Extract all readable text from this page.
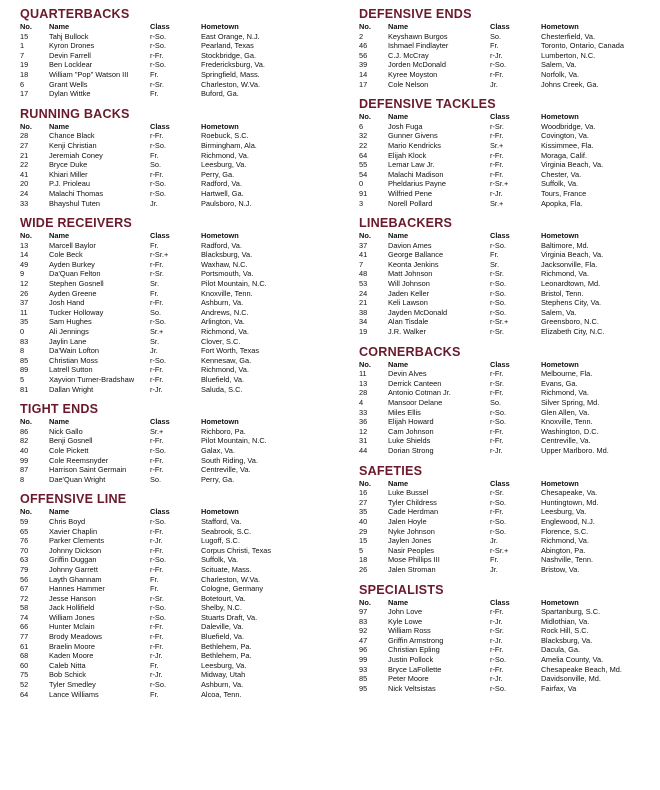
QUARTERBACKS
No. Name	Class	Hometown
15	Tahj Bullock	r-So.	East Orange, N.J.
1	Kyron Drones	r-So.	Pearland, Texas
7	Devin Farrell	r-Fr.	Stockbridge, Ga.
19	Ben Locklear	r-So.	Fredericksburg, Va.
18	William "Pop" Watson III	Fr.	Springfield, Mass.
6	Grant Wells	r-Sr.	Charleston, W.Va.
17	Dylan Wittke	Fr.	Buford, Ga.
RUNNING BACKS
No. Name	Class	Hometown
28	Chance Black	r-Fr.	Roebuck, S.C.
27	Kenji Christian	r-So.	Birmingham, Ala.
21	Jeremiah Coney	Fr.	Richmond, Va.
22	Bryce Duke	So.	Leesburg, Va.
41	Khiari Miller	r-Fr.	Perry, Ga.
20	P.J. Prioleau	r-So.	Radford, Va.
24	Malachi Thomas	r-So.	Hartwell, Ga.
33	Bhayshul Tuten	Jr.	Paulsboro, N.J.
WIDE RECEIVERS
No. Name	Class	Hometown
13	Marcell Baylor	Fr.	Radford, Va.
14	Cole Beck	r-Sr.+	Blacksburg, Va.
49	Ayden Burkey	r-Fr.	Waxhaw, N.C.
9	Da'Quan Felton	r-Sr.	Portsmouth, Va.
12	Stephen Gosnell	Sr.	Pilot Mountain, N.C.
26	Ayden Greene	Fr.	Knoxville, Tenn.
37	Josh Hand	r-Fr.	Ashburn, Va.
11	Tucker Holloway	So.	Andrews, N.C.
35	Sam Hughes	r-So.	Arlington, Va.
0	Ali Jennings	Sr.+	Richmond, Va.
83	Jaylin Lane	Sr.	Clover, S.C.
8	Da'Wain Lofton	Jr.	Fort Worth, Texas
85	Christian Moss	r-So.	Kennesaw, Ga.
89	Latrell Sutton	r-Fr.	Richmond, Va.
5	Xayvion Turner-Bradshaw r-Fr.	Bluefield, Va.
81	Dallan Wright	r-Jr.	Saluda, S.C.
TIGHT ENDS
No. Name	Class	Hometown
86	Nick Gallo	Sr.+	Richboro, Pa.
82	Benji Gosnell	r-Fr.	Pilot Mountain, N.C.
40	Cole Pickett	r-So.	Galax, Va.
99	Cole Reemsnyder	r-Fr.	South Riding, Va.
87	Harrison Saint Germain	r-Fr.	Centreville, Va.
8	Dae'Quan Wright	So.	Perry, Ga.
OFFENSIVE LINE
No. Name	Class	Hometown
59	Chris Boyd	r-So.	Stafford, Va.
65	Xavier Chaplin	r-Fr.	Seabrook, S.C.
76	Parker Clements	r-Jr.	Lugoff, S.C.
70	Johnny Dickson	r-Fr.	Corpus Christi, Texas
63	Griffin Duggan	r-So.	Suffolk, Va.
79	Johnny Garrett	r-Fr.	Scituate, Mass.
56	Layth Ghannam	Fr.	Charleston, W.Va.
67	Hannes Hammer	Fr.	Cologne, Germany
72	Jesse Hanson	r-Sr.	Botetourt, Va.
58	Jack Hollifield	r-So.	Shelby, N.C.
74	William Jones	r-So.	Stuarts Draft, Va.
66	Hunter Mclain	r-Fr.	Daleville, Va.
77	Brody Meadows	r-Fr.	Bluefield, Va.
61	Braelin Moore	r-Fr.	Bethlehem, Pa.
68	Kaden Moore	r-Jr.	Bethlehem, Pa.
60	Caleb Nitta	Fr.	Leesburg, Va.
75	Bob Schick	r-Jr.	Midway, Utah
52	Tyler Smedley	r-So.	Ashburn, Va.
64	Lance Williams	Fr.	Alcoa, Tenn.
DEFENSIVE ENDS
No. Name	Class	Hometown
2	Keyshawn Burgos	So.	Chesterfield, Va.
46	Ishmael Findlayter	Fr.	Toronto, Ontario, Canada
56	C.J. McCray	r-Jr.	Lumberton, N.C.
39	Jorden McDonald	r-So.	Salem, Va.
14	Kyree Moyston	r-Fr.	Norfolk, Va.
17	Cole Nelson	Jr.	Johns Creek, Ga.
DEFENSIVE TACKLES
No. Name	Class	Hometown
6	Josh Fuga	r-Sr.	Woodbridge, Va.
32	Gunner Givens	r-Fr.	Covington, Va.
22	Mario Kendricks	Sr.+	Kissimmee, Fla.
64	Elijah Klock	r-Fr.	Moraga, Calif.
55	Lemar Law Jr.	r-Fr.	Virginia Beach, Va.
54	Malachi Madison	r-Fr.	Chester, Va.
0	Pheldarius Payne	r-Sr.+	Suffolk, Va.
91	Wilfried Pene	r-Jr.	Tours, France
3	Norell Pollard	Sr.+	Apopka, Fla.
LINEBACKERS
No. Name	Class	Hometown
37	Davion Ames	r-So.	Baltimore, Md.
41	George Ballance	Fr.	Virginia Beach, Va.
7	Keonta Jenkins	Sr.	Jacksonville, Fla.
48	Matt Johnson	r-Sr.	Richmond, Va.
53	Will Johnson	r-So.	Leonardtown, Md.
24	Jaden Keller	r-So.	Bristol, Tenn.
21	Keli Lawson	r-So.	Stephens City, Va.
38	Jayden McDonald	r-So.	Salem, Va.
34	Alan Tisdale	r-Sr.+	Greensboro, N.C.
19	J.R. Walker	r-Sr.	Elizabeth City, N.C.
CORNERBACKS
No. Name	Class	Hometown
11	Devin Alves	r-Fr.	Melbourne, Fla.
13	Derrick Canteen	r-Sr.	Evans, Ga.
28	Antonio Cotman Jr.	r-Fr.	Richmond, Va.
4	Mansoor Delane	So.	Silver Spring, Md.
33	Miles Ellis	r-So.	Glen Allen, Va.
36	Elijah Howard	r-So.	Knoxville, Tenn.
12	Cam Johnson	r-Fr.	Washington, D.C.
31	Luke Shields	r-Fr.	Centreville, Va.
44	Dorian Strong	r-Jr.	Upper Marlboro. Md.
SAFETIES
No. Name	Class	Hometown
16	Luke Bussel	r-Sr.	Chesapeake, Va.
27	Tyler Childress	r-So.	Huntingtown, Md.
35	Cade Herdman	r-Fr.	Leesburg, Va.
40	Jalen Hoyle	r-So.	Englewood, N.J.
29	Nyke Johnson	r-So.	Florence, S.C.
15	Jaylen Jones	Jr.	Richmond, Va.
5	Nasir Peoples	r-Sr.+	Abington, Pa.
18	Mose Phillips III	Fr.	Nashville, Tenn.
26	Jalen Stroman	Jr.	Bristow, Va.
SPECIALISTS
No. Name	Class	Hometown
97	John Love	r-Fr.	Spartanburg, S.C.
83	Kyle Lowe	r-Jr.	Midlothian, Va.
92	William Ross	r-Sr.	Rock Hill, S.C.
47	Griffin Armstrong	r-Jr.	Blacksburg, Va.
96	Christian Epling	r-Fr.	Dacula, Ga.
99	Justin Pollock	r-So.	Amelia County, Va.
93	Bryce LaFollette	r-Fr.	Chesapeake Beach, Md.
85	Peter Moore	r-Jr.	Davidsonville, Md.
95	Nick Veltsistas	r-So.	Fairfax, Va
